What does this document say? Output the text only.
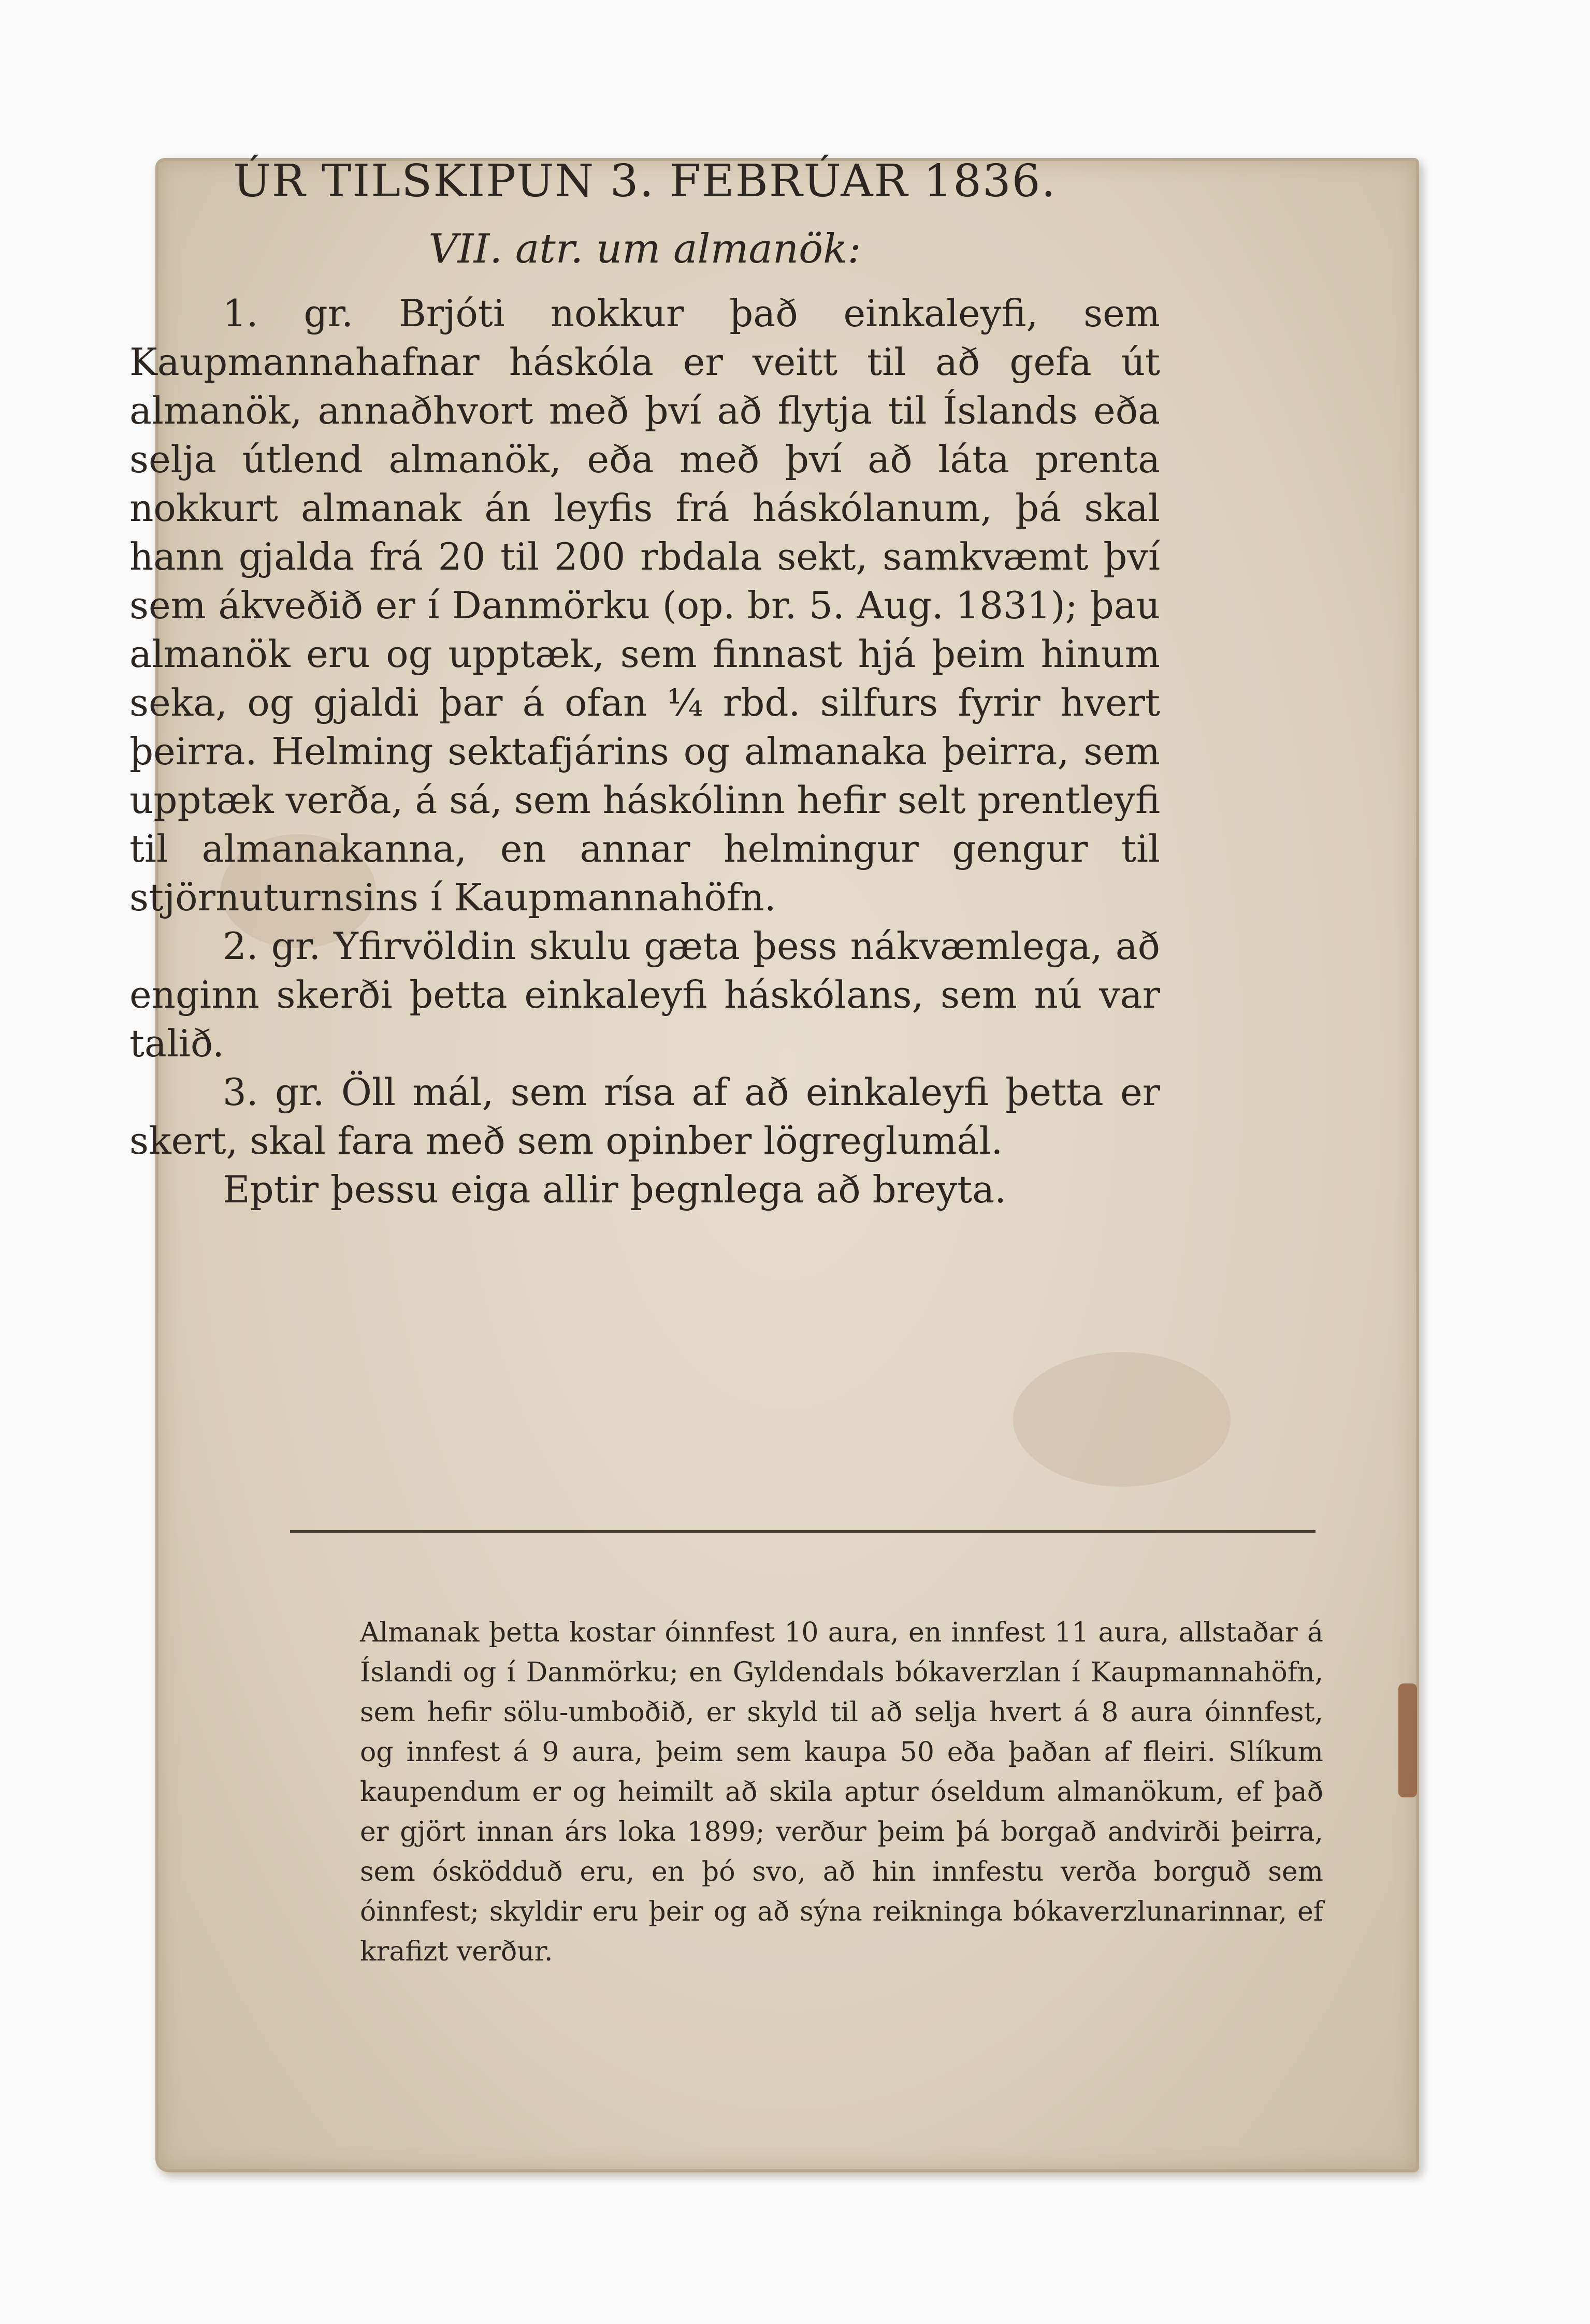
ÚR TILSKIPUN 3. FEBRÚAR 1836.
VII. atr. um almanök:

1. gr. Brjóti nokkur það einkaleyfi, sem Kaupmannahafnar háskóla er veitt til að gefa út almanök, annaðhvort með því að flytja til Íslands eða selja útlend almanök, eða með því að láta prenta nokkurt almanak án leyfis frá háskólanum, þá skal hann gjalda frá 20 til 200 rbdala sekt, samkvæmt því sem ákveðið er í Danmörku (op. br. 5. Aug. 1831); þau almanök eru og upptæk, sem finnast hjá þeim hinum seka, og gjaldi þar á ofan ¼ rbd. silfurs fyrir hvert þeirra. Helming sektafjárins og almanaka þeirra, sem upptæk verða, á sá, sem háskólinn hefir selt prentleyfi til almanakanna, en annar helmingur gengur til stjörnuturnsins í Kaupmannahöfn.

2. gr. Yfirvöldin skulu gæta þess nákvæmlega, að enginn skerði þetta einkaleyfi háskólans, sem nú var talið.

3. gr. Öll mál, sem rísa af að einkaleyfi þetta er skert, skal fara með sem opinber lögreglumál.

Eptir þessu eiga allir þegnlega að breyta.

Almanak þetta kostar óinnfest 10 aura, en innfest 11 aura, allstaðar á Íslandi og í Danmörku; en Gyldendals bókaverzlan í Kaupmannahöfn, sem hefir sölu-umboðið, er skyld til að selja hvert á 8 aura óinnfest, og innfest á 9 aura, þeim sem kaupa 50 eða þaðan af fleiri. Slíkum kaupendum er og heimilt að skila aptur óseldum almanökum, ef það er gjört innan árs loka 1899; verður þeim þá borgað andvirði þeirra, sem ósködduð eru, en þó svo, að hin innfestu verða borguð sem óinnfest; skyldir eru þeir og að sýna reikninga bókaverzlunarinnar, ef krafizt verður.
